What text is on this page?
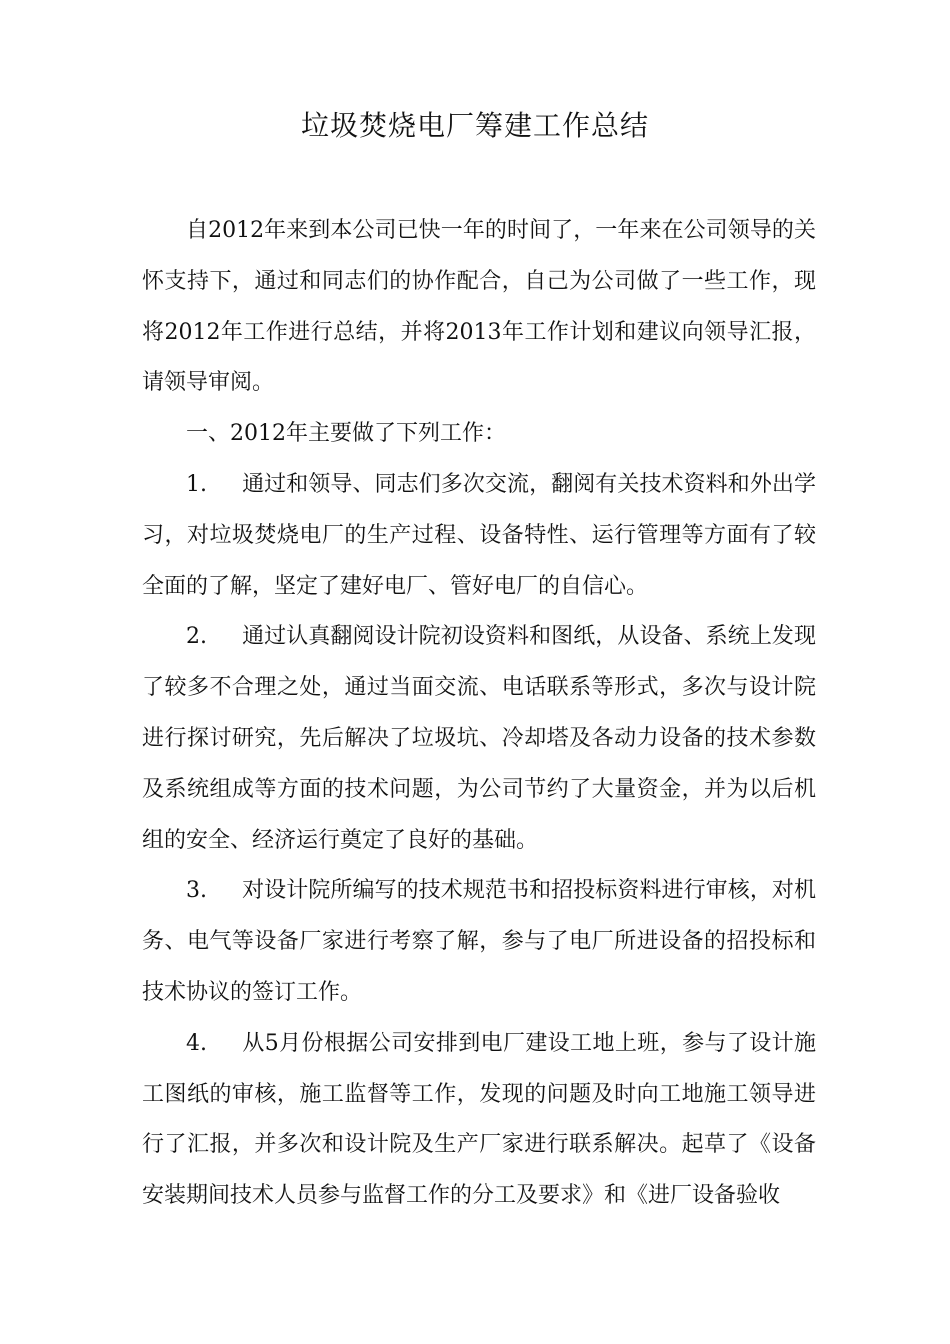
垃圾焚烧电厂筹建工作总结

自2012年来到本公司已快一年的时间了，一年来在公司领导的关怀支持下，通过和同志们的协作配合，自己为公司做了一些工作，现将2012年工作进行总结，并将2013年工作计划和建议向领导汇报，请领导审阅。

一、2012年主要做了下列工作：

1. 通过和领导、同志们多次交流，翻阅有关技术资料和外出学习，对垃圾焚烧电厂的生产过程、设备特性、运行管理等方面有了较全面的了解，坚定了建好电厂、管好电厂的自信心。

2. 通过认真翻阅设计院初设资料和图纸，从设备、系统上发现了较多不合理之处，通过当面交流、电话联系等形式，多次与设计院进行探讨研究，先后解决了垃圾坑、冷却塔及各动力设备的技术参数及系统组成等方面的技术问题，为公司节约了大量资金，并为以后机组的安全、经济运行奠定了良好的基础。

3. 对设计院所编写的技术规范书和招投标资料进行审核，对机务、电气等设备厂家进行考察了解，参与了电厂所进设备的招投标和技术协议的签订工作。

4. 从5月份根据公司安排到电厂建设工地上班，参与了设计施工图纸的审核，施工监督等工作，发现的问题及时向工地施工领导进行了汇报，并多次和设计院及生产厂家进行联系解决。起草了《设备安装期间技术人员参与监督工作的分工及要求》和《进厂设备验收
